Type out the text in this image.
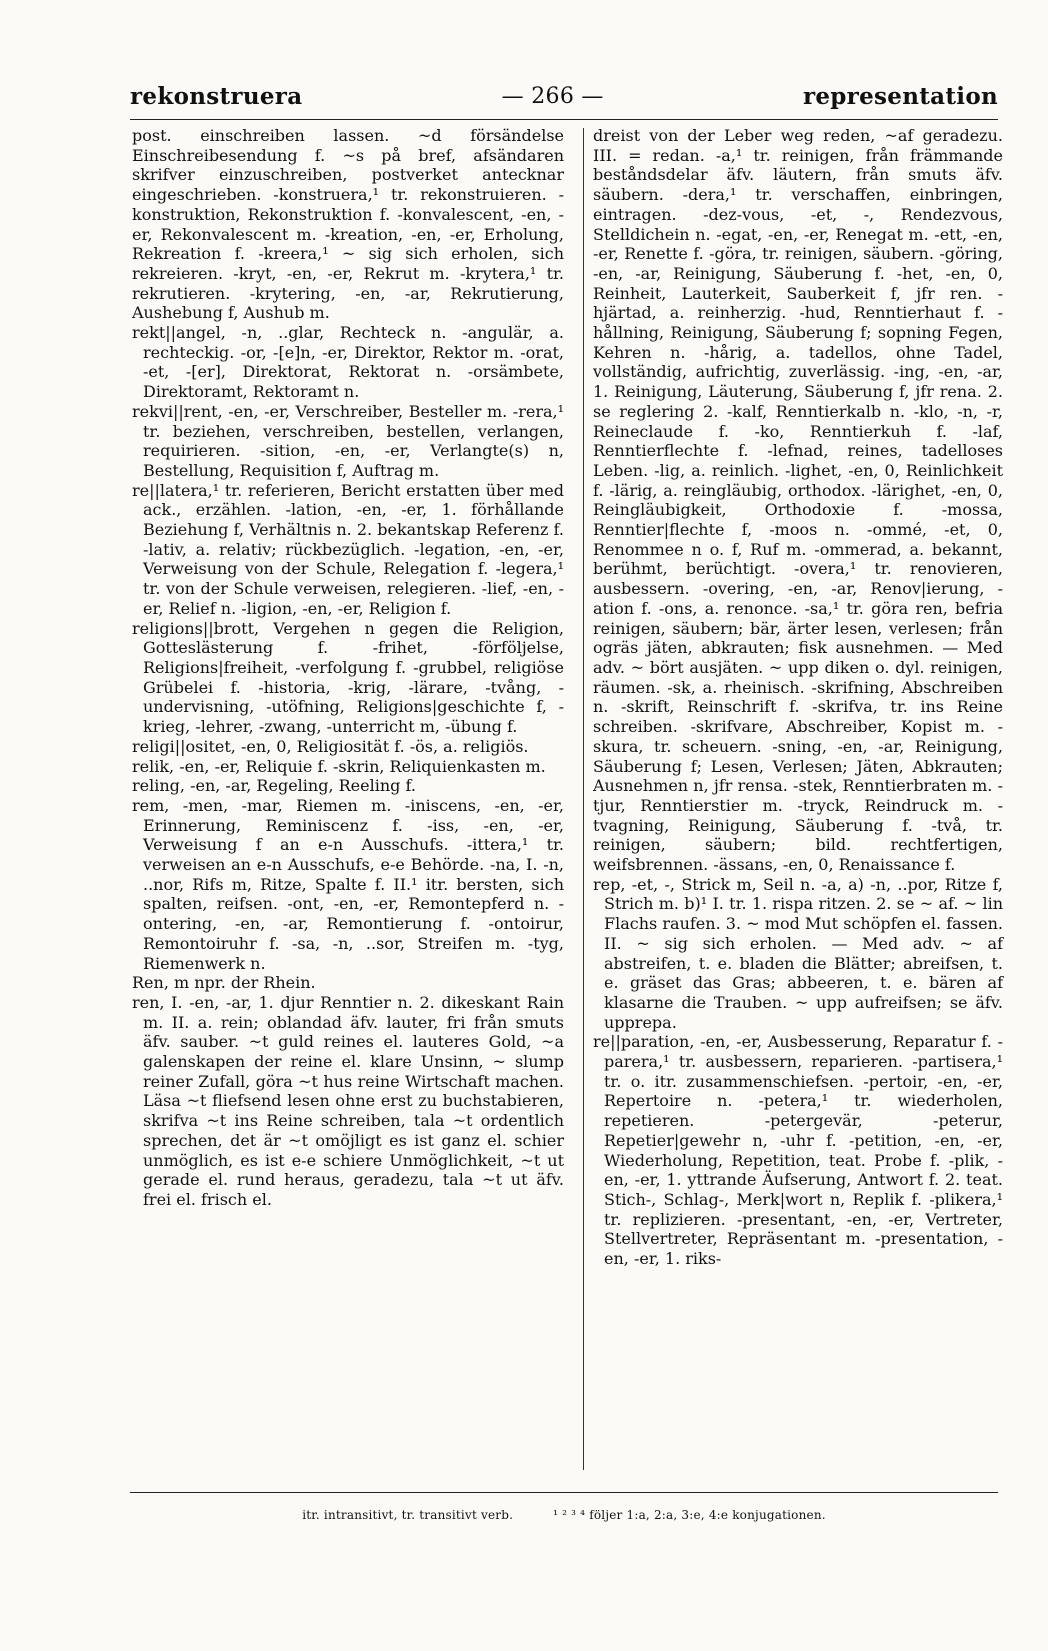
rekonstruera	— 266 —	representation

post. einschreiben lassen. ~d försändelse Einschreibesendung f. ~s på bref, afsändaren skrifver einzuschreiben, postverket antecknar eingeschrieben. -konstruera,¹ tr. rekonstruieren. -konstruktion, Rekonstruktion f. -konvalescent, -en, -er, Rekonvalescent m. -kreation, -en, -er, Erholung, Rekreation f. -kreera,¹ ~ sig sich erholen, sich rekreieren. -kryt, -en, -er, Rekrut m. -krytera,¹ tr. rekrutieren. -krytering, -en, -ar, Rekrutierung, Aushebung f, Aushub m.

rekt||angel, -n, ..glar, Rechteck n. -angulär, a. rechteckig. -or, -[e]n, -er, Direktor, Rektor m. -orat, -et, -[er], Direktorat, Rektorat n. -orsämbete, Direktoramt, Rektoramt n.

rekvi||rent, -en, -er, Verschreiber, Besteller m. -rera,¹ tr. beziehen, verschreiben, bestellen, verlangen, requirieren. -sition, -en, -er, Verlangte(s) n, Bestellung, Requisition f, Auftrag m.

re||latera,¹ tr. referieren, Bericht erstatten über med ack., erzählen. -lation, -en, -er, 1. förhållande Beziehung f, Verhältnis n. 2. bekantskap Referenz f. -lativ, a. relativ; rückbezüglich. -legation, -en, -er, Verweisung von der Schule, Relegation f. -legera,¹ tr. von der Schule verweisen, relegieren. -lief, -en, -er, Relief n. -ligion, -en, -er, Religion f.

religions||brott, Vergehen n gegen die Religion, Gotteslästerung f. -frihet, -förföljelse, Religions|freiheit, -verfolgung f. -grubbel, religiöse Grübelei f. -historia, -krig, -lärare, -tvång, -undervisning, -utöfning, Religions|geschichte f, -krieg, -lehrer, -zwang, -unterricht m, -übung f.

religi||ositet, -en, 0, Religiosität f. -ös, a. religiös.

relik, -en, -er, Reliquie f. -skrin, Reliquienkasten m.

reling, -en, -ar, Regeling, Reeling f.

rem, -men, -mar, Riemen m. -iniscens, -en, -er, Erinnerung, Reminiscenz f. -iss, -en, -er, Verweisung f an e-n Ausschufs. -ittera,¹ tr. verweisen an e-n Ausschufs, e-e Behörde. -na, I. -n, ..nor, Rifs m, Ritze, Spalte f. II.¹ itr. bersten, sich spalten, reifsen. -ont, -en, -er, Remontepferd n. -ontering, -en, -ar, Remontierung f. -ontoirur, Remontoiruhr f. -sa, -n, ..sor, Streifen m. -tyg, Riemenwerk n.

Ren, m npr. der Rhein.

ren, I. -en, -ar, 1. djur Renntier n. 2. dikeskant Rain m. II. a. rein; oblandad äfv. lauter, fri från smuts äfv. sauber. ~t guld reines el. lauteres Gold, ~a galenskapen der reine el. klare Unsinn, ~ slump reiner Zufall, göra ~t hus reine Wirtschaft machen. Läsa ~t fliefsend lesen ohne erst zu buchstabieren, skrifva ~t ins Reine schreiben, tala ~t ordentlich sprechen, det är ~t omöjligt es ist ganz el. schier unmöglich, es ist e-e schiere Unmöglichkeit, ~t ut gerade el. rund heraus, geradezu, tala ~t ut äfv. frei el. frisch el.

dreist von der Leber weg reden, ~af geradezu. III. = redan. -a,¹ tr. reinigen, från främmande beståndsdelar äfv. läutern, från smuts äfv. säubern. -dera,¹ tr. verschaffen, einbringen, eintragen. -dez-vous, -et, -, Rendezvous, Stelldichein n. -egat, -en, -er, Renegat m. -ett, -en, -er, Renette f. -göra, tr. reinigen, säubern. -göring, -en, -ar, Reinigung, Säuberung f. -het, -en, 0, Reinheit, Lauterkeit, Sauberkeit f, jfr ren. -hjärtad, a. reinherzig. -hud, Renntierhaut f. -hållning, Reinigung, Säuberung f; sopning Fegen, Kehren n. -hårig, a. tadellos, ohne Tadel, vollständig, aufrichtig, zuverlässig. -ing, -en, -ar, 1. Reinigung, Läuterung, Säuberung f, jfr rena. 2. se reglering 2. -kalf, Renntierkalb n. -klo, -n, -r, Reineclaude f. -ko, Renntierkuh f. -laf, Renntierflechte f. -lefnad, reines, tadelloses Leben. -lig, a. reinlich. -lighet, -en, 0, Reinlichkeit f. -lärig, a. reingläubig, orthodox. -lärighet, -en, 0, Reingläubigkeit, Orthodoxie f. -mossa, Renntier|flechte f, -moos n. -ommé, -et, 0, Renommee n o. f, Ruf m. -ommerad, a. bekannt, berühmt, berüchtigt. -overa,¹ tr. renovieren, ausbessern. -overing, -en, -ar, Renov|ierung, -ation f. -ons, a. renonce. -sa,¹ tr. göra ren, befria reinigen, säubern; bär, ärter lesen, verlesen; från ogräs jäten, abkrauten; fisk ausnehmen. — Med adv. ~ bört ausjäten. ~ upp diken o. dyl. reinigen, räumen. -sk, a. rheinisch. -skrifning, Abschreiben n. -skrift, Reinschrift f. -skrifva, tr. ins Reine schreiben. -skrifvare, Abschreiber, Kopist m. -skura, tr. scheuern. -sning, -en, -ar, Reinigung, Säuberung f; Lesen, Verlesen; Jäten, Abkrauten; Ausnehmen n, jfr rensa. -stek, Renntierbraten m. -tjur, Renntierstier m. -tryck, Reindruck m. -tvagning, Reinigung, Säuberung f. -två, tr. reinigen, säubern; bild. rechtfertigen, weifsbrennen. -ässans, -en, 0, Renaissance f.

rep, -et, -, Strick m, Seil n. -a, a) -n, ..por, Ritze f, Strich m. b)¹ I. tr. 1. rispa ritzen. 2. se ~ af. ~ lin Flachs raufen. 3. ~ mod Mut schöpfen el. fassen. II. ~ sig sich erholen. — Med adv. ~ af abstreifen, t. e. bladen die Blätter; abreifsen, t. e. gräset das Gras; abbeeren, t. e. bären af klasarne die Trauben. ~ upp aufreifsen; se äfv. upprepa.

re||paration, -en, -er, Ausbesserung, Reparatur f. -parera,¹ tr. ausbessern, reparieren. -partisera,¹ tr. o. itr. zusammenschiefsen. -pertoir, -en, -er, Repertoire n. -petera,¹ tr. wiederholen, repetieren. -petergevär, -peterur, Repetier|gewehr n, -uhr f. -petition, -en, -er, Wiederholung, Repetition, teat. Probe f. -plik, -en, -er, 1. yttrande Äufserung, Antwort f. 2. teat. Stich-, Schlag-, Merk|wort n, Replik f. -plikera,¹ tr. replizieren. -presentant, -en, -er, Vertreter, Stellvertreter, Repräsentant m. -presentation, -en, -er, 1. riks-

itr. intransitivt, tr. transitivt verb.	¹ ² ³ ⁴ följer 1:a, 2:a, 3:e, 4:e konjugationen.
